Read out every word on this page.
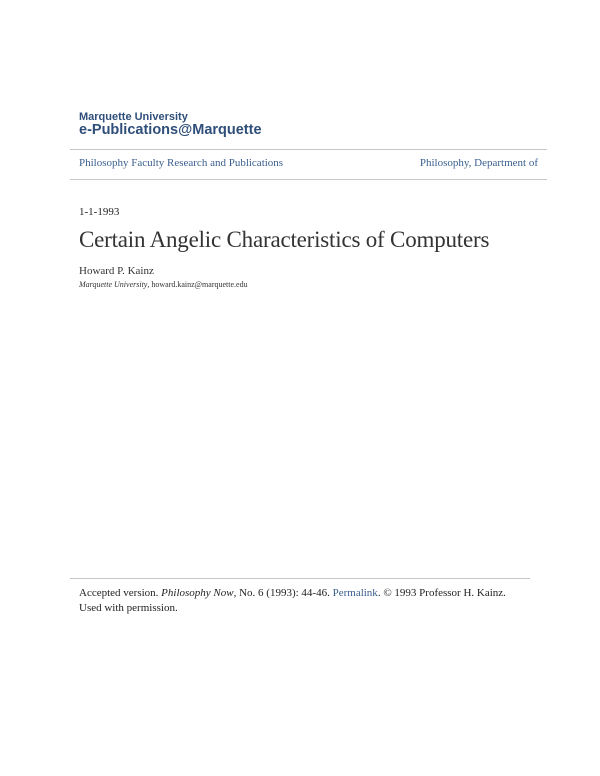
Marquette University
e-Publications@Marquette
Philosophy Faculty Research and Publications	Philosophy, Department of
1-1-1993
Certain Angelic Characteristics of Computers
Howard P. Kainz
Marquette University, howard.kainz@marquette.edu
Accepted version. Philosophy Now, No. 6 (1993): 44-46. Permalink. © 1993 Professor H. Kainz.
Used with permission.
